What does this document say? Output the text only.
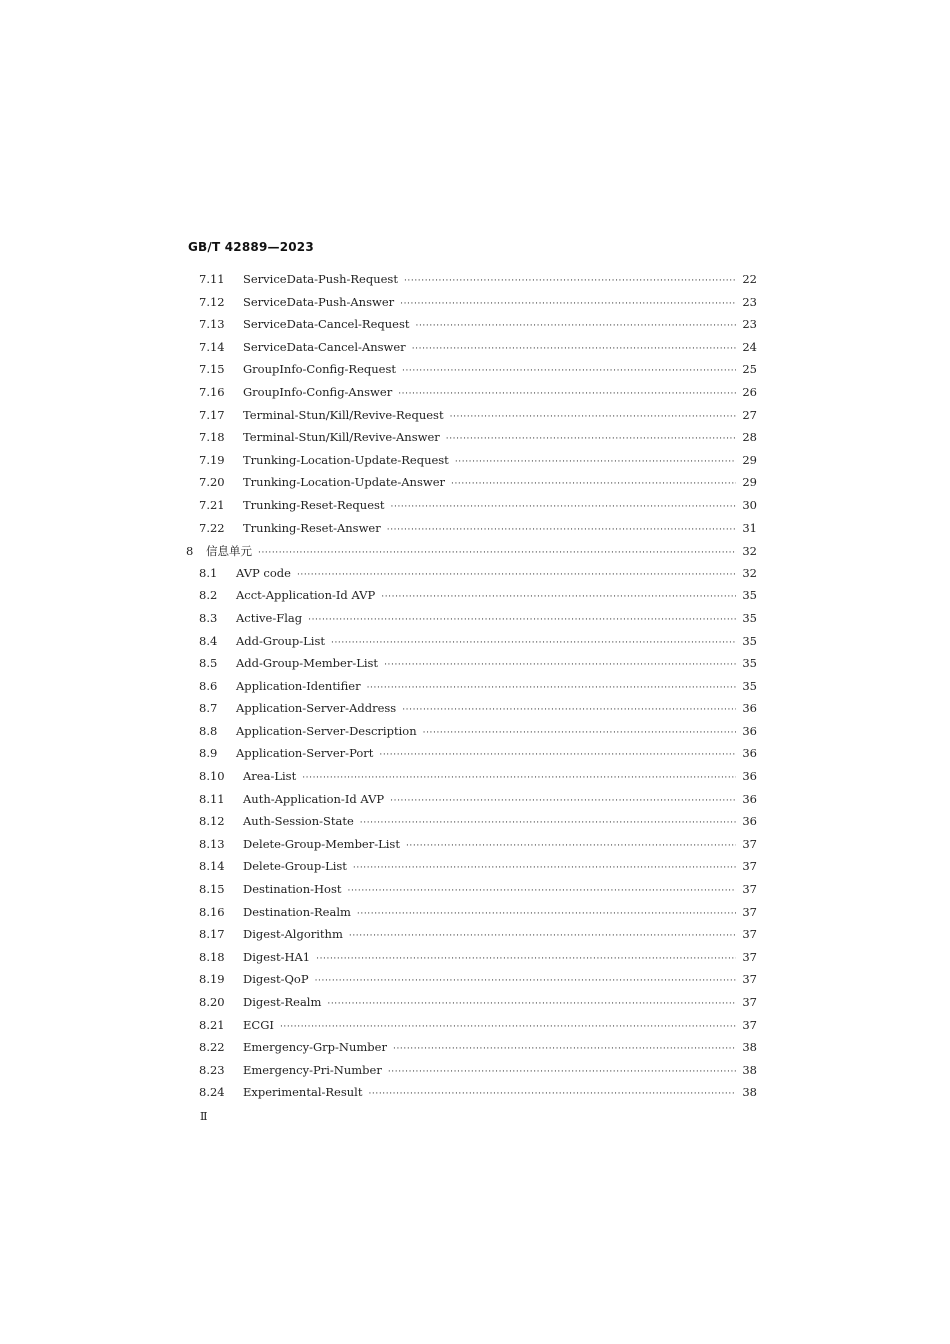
GB/T 42889—2023
7.11	ServiceData-Push-Request ·····	22
7.12	ServiceData-Push-Answer ·····	23
7.13	ServiceData-Cancel-Request ·····	23
7.14	ServiceData-Cancel-Answer ·····	24
7.15	GroupInfo-Config-Request ·····	25
7.16	GroupInfo-Config-Answer ·····	26
7.17	Terminal-Stun/Kill/Revive-Request ·····	27
7.18	Terminal-Stun/Kill/Revive-Answer ·····	28
7.19	Trunking-Location-Update-Request ·····	29
7.20	Trunking-Location-Update-Answer ·····	29
7.21	Trunking-Reset-Request ·····	30
7.22	Trunking-Reset-Answer ·····	31
8	信息单元 ·····	32
8.1	AVP code ·····	32
8.2	Acct-Application-Id AVP ·····	35
8.3	Active-Flag ·····	35
8.4	Add-Group-List ·····	35
8.5	Add-Group-Member-List ·····	35
8.6	Application-Identifier ·····	35
8.7	Application-Server-Address ·····	36
8.8	Application-Server-Description ·····	36
8.9	Application-Server-Port ·····	36
8.10	Area-List ·····	36
8.11	Auth-Application-Id AVP ·····	36
8.12	Auth-Session-State ·····	36
8.13	Delete-Group-Member-List ·····	37
8.14	Delete-Group-List ·····	37
8.15	Destination-Host ·····	37
8.16	Destination-Realm ·····	37
8.17	Digest-Algorithm ·····	37
8.18	Digest-HA1 ·····	37
8.19	Digest-QoP ·····	37
8.20	Digest-Realm ·····	37
8.21	ECGI ·····	37
8.22	Emergency-Grp-Number ·····	38
8.23	Emergency-Pri-Number ·····	38
8.24	Experimental-Result ·····	38
Ⅱ
